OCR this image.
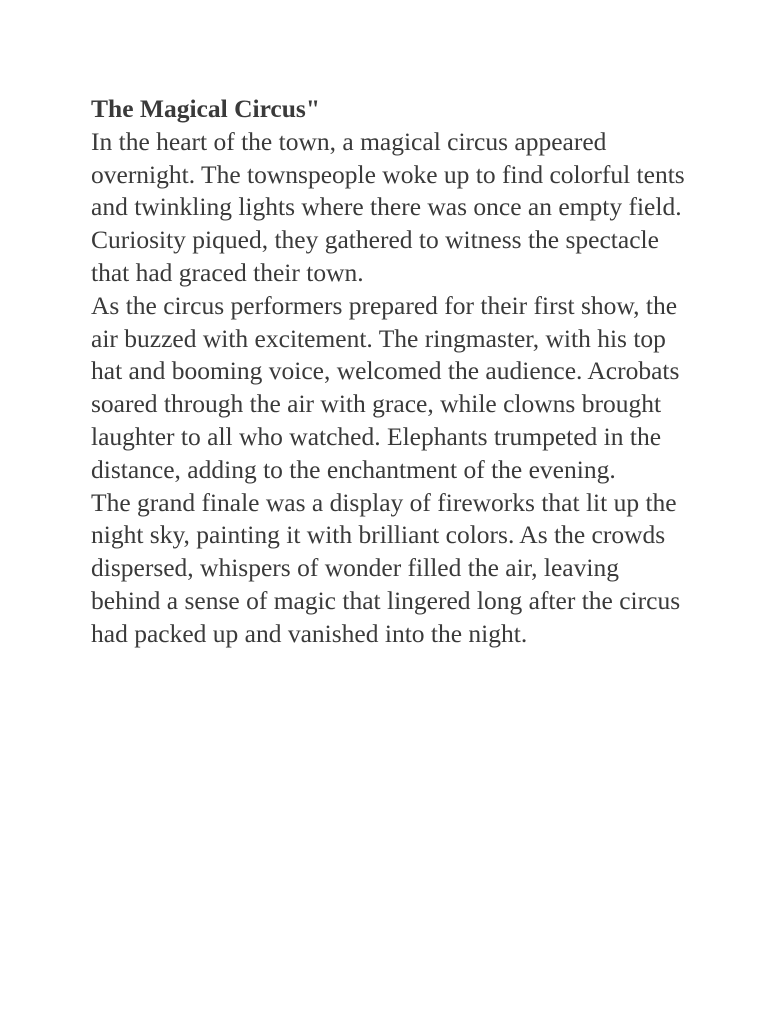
The Magical Circus"

In the heart of the town, a magical circus appeared overnight. The townspeople woke up to find colorful tents and twinkling lights where there was once an empty field. Curiosity piqued, they gathered to witness the spectacle that had graced their town.

As the circus performers prepared for their first show, the air buzzed with excitement. The ringmaster, with his top hat and booming voice, welcomed the audience. Acrobats soared through the air with grace, while clowns brought laughter to all who watched. Elephants trumpeted in the distance, adding to the enchantment of the evening.

The grand finale was a display of fireworks that lit up the night sky, painting it with brilliant colors. As the crowds dispersed, whispers of wonder filled the air, leaving behind a sense of magic that lingered long after the circus had packed up and vanished into the night.
